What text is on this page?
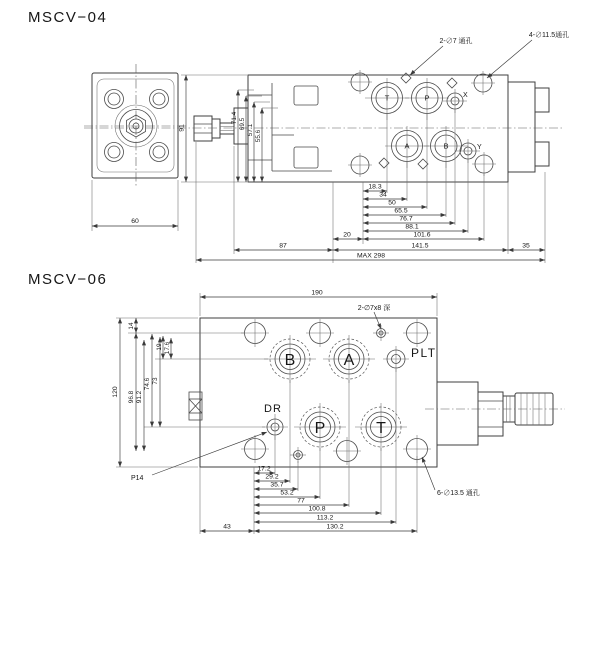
MSCV−04
2-∅7 通孔
4-∅11.5通孔
60
91
T	P	X
A	B	Y
71.4 69.5 57.1 55.6
18.3
34
50
65.5
76.7
88.1
20	101.6
87	141.5	35
MAX 298
MSCV−06
190
2-∅7x8 深
B	A	PLT
DR
P	T
120
14
96.8 91.2
74.6 73
19 17.6
17.2
29.2
35.7
53.2
77
100.8
113.2
43	130.2
P14
6-∅13.5 通孔
